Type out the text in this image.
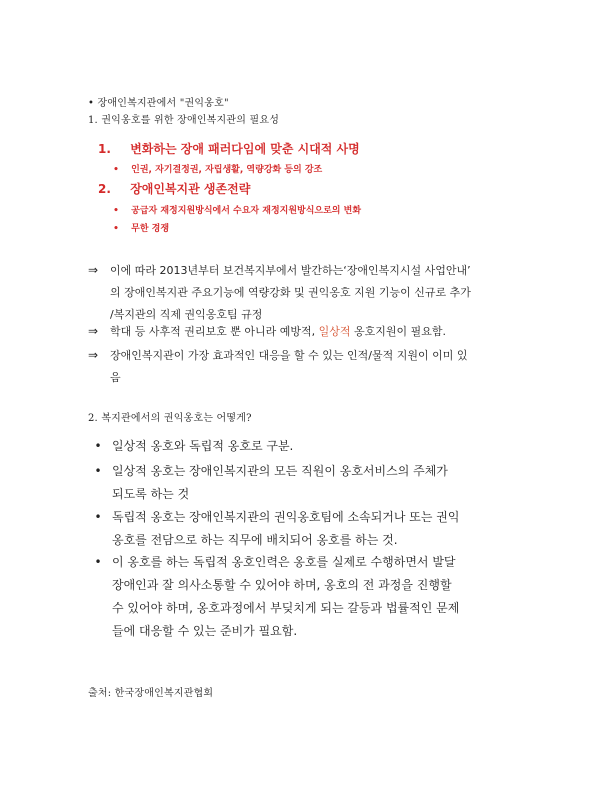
• 장애인복지관에서 "권익옹호"
1. 권익옹호를 위한 장애인복지관의 필요성
1. 변화하는 장애 패러다임에 맞춘 시대적 사명
• 인권, 자기결정권, 자립생활, 역량강화 등의 강조
2. 장애인복지관 생존전략
• 공급자 재정지원방식에서 수요자 재정지원방식으로의 변화
• 무한 경쟁
⇒ 이에 따라 2013년부터 보건복지부에서 발간하는‘장애인복지시설 사업안내’
의 장애인복지관 주요기능에 역량강화 및 권익옹호 지원 기능이 신규로 추가
/복지관의 직제 권익옹호팀 규정
⇒ 학대 등 사후적 권리보호 뿐 아니라 예방적, 일상적 옹호지원이 필요함.
⇒ 장애인복지관이 가장 효과적인 대응을 할 수 있는 인적/물적 지원이 이미 있
음
2. 복지관에서의 권익옹호는 어떻게?
• 일상적 옹호와 독립적 옹호로 구분.
• 일상적 옹호는 장애인복지관의 모든 직원이 옹호서비스의 주체가
되도록 하는 것
• 독립적 옹호는 장애인복지관의 권익옹호팀에 소속되거나 또는 권익
옹호를 전담으로 하는 직무에 배치되어 옹호를 하는 것.
• 이 옹호를 하는 독립적 옹호인력은 옹호를 실제로 수행하면서 발달
장애인과 잘 의사소통할 수 있어야 하며, 옹호의 전 과정을 진행할
수 있어야 하며, 옹호과정에서 부딪치게 되는 갈등과 법률적인 문제
들에 대응할 수 있는 준비가 필요함.
출처: 한국장애인복지관협회
